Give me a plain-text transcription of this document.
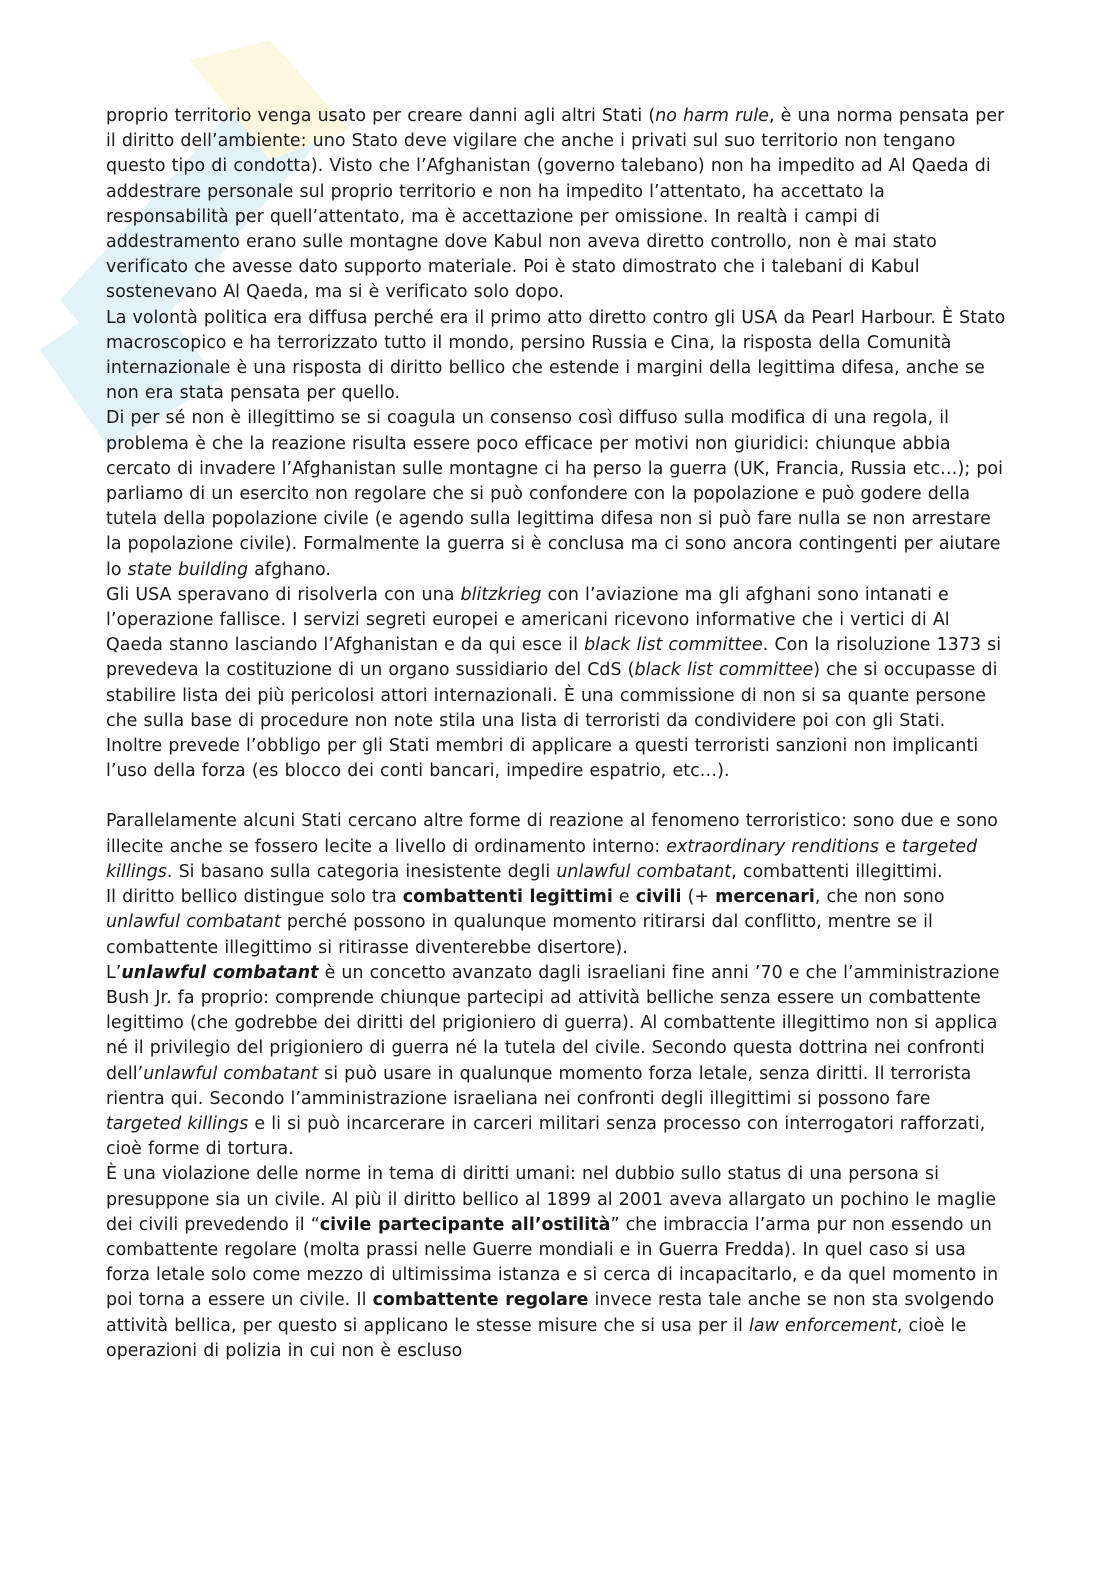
proprio territorio venga usato per creare danni agli altri Stati (no harm rule, è una norma pensata per il diritto dell’ambiente: uno Stato deve vigilare che anche i privati sul suo territorio non tengano questo tipo di condotta). Visto che l’Afghanistan (governo talebano) non ha impedito ad Al Qaeda di addestrare personale sul proprio territorio e non ha impedito l’attentato, ha accettato la responsabilità per quell’attentato, ma è accettazione per omissione. In realtà i campi di addestramento erano sulle montagne dove Kabul non aveva diretto controllo, non è mai stato verificato che avesse dato supporto materiale. Poi è stato dimostrato che i talebani di Kabul sostenevano Al Qaeda, ma si è verificato solo dopo.

La volontà politica era diffusa perché era il primo atto diretto contro gli USA da Pearl Harbour. È Stato macroscopico e ha terrorizzato tutto il mondo, persino Russia e Cina, la risposta della Comunità internazionale è una risposta di diritto bellico che estende i margini della legittima difesa, anche se non era stata pensata per quello.

Di per sé non è illegittimo se si coagula un consenso così diffuso sulla modifica di una regola, il problema è che la reazione risulta essere poco efficace per motivi non giuridici: chiunque abbia cercato di invadere l’Afghanistan sulle montagne ci ha perso la guerra (UK, Francia, Russia etc…); poi parliamo di un esercito non regolare che si può confondere con la popolazione e può godere della tutela della popolazione civile (e agendo sulla legittima difesa non si può fare nulla se non arrestare la popolazione civile). Formalmente la guerra si è conclusa ma ci sono ancora contingenti per aiutare lo state building afghano.

Gli USA speravano di risolverla con una blitzkrieg con l’aviazione ma gli afghani sono intanati e l’operazione fallisce. I servizi segreti europei e americani ricevono informative che i vertici di Al Qaeda stanno lasciando l’Afghanistan e da qui esce il black list committee. Con la risoluzione 1373 si prevedeva la costituzione di un organo sussidiario del CdS (black list committee) che si occupasse di stabilire lista dei più pericolosi attori internazionali. È una commissione di non si sa quante persone che sulla base di procedure non note stila una lista di terroristi da condividere poi con gli Stati. Inoltre prevede l’obbligo per gli Stati membri di applicare a questi terroristi sanzioni non implicanti l’uso della forza (es blocco dei conti bancari, impedire espatrio, etc…).

Parallelamente alcuni Stati cercano altre forme di reazione al fenomeno terroristico: sono due e sono illecite anche se fossero lecite a livello di ordinamento interno: extraordinary renditions e targeted killings. Si basano sulla categoria inesistente degli unlawful combatant, combattenti illegittimi.

Il diritto bellico distingue solo tra combattenti legittimi e civili (+ mercenari, che non sono unlawful combatant perché possono in qualunque momento ritirarsi dal conflitto, mentre se il combattente illegittimo si ritirasse diventerebbe disertore).

L’unlawful combatant è un concetto avanzato dagli israeliani fine anni ’70 e che l’amministrazione Bush Jr. fa proprio: comprende chiunque partecipi ad attività belliche senza essere un combattente legittimo (che godrebbe dei diritti del prigioniero di guerra). Al combattente illegittimo non si applica né il privilegio del prigioniero di guerra né la tutela del civile. Secondo questa dottrina nei confronti dell’unlawful combatant si può usare in qualunque momento forza letale, senza diritti. Il terrorista rientra qui. Secondo l’amministrazione israeliana nei confronti degli illegittimi si possono fare targeted killings e li si può incarcerare in carceri militari senza processo con interrogatori rafforzati, cioè forme di tortura.

È una violazione delle norme in tema di diritti umani: nel dubbio sullo status di una persona si presuppone sia un civile. Al più il diritto bellico al 1899 al 2001 aveva allargato un pochino le maglie dei civili prevedendo il “civile partecipante all’ostilità” che imbraccia l’arma pur non essendo un combattente regolare (molta prassi nelle Guerre mondiali e in Guerra Fredda). In quel caso si usa forza letale solo come mezzo di ultimissima istanza e si cerca di incapacitarlo, e da quel momento in poi torna a essere un civile. Il combattente regolare invece resta tale anche se non sta svolgendo attività bellica, per questo si applicano le stesse misure che si usa per il law enforcement, cioè le operazioni di polizia in cui non è escluso
